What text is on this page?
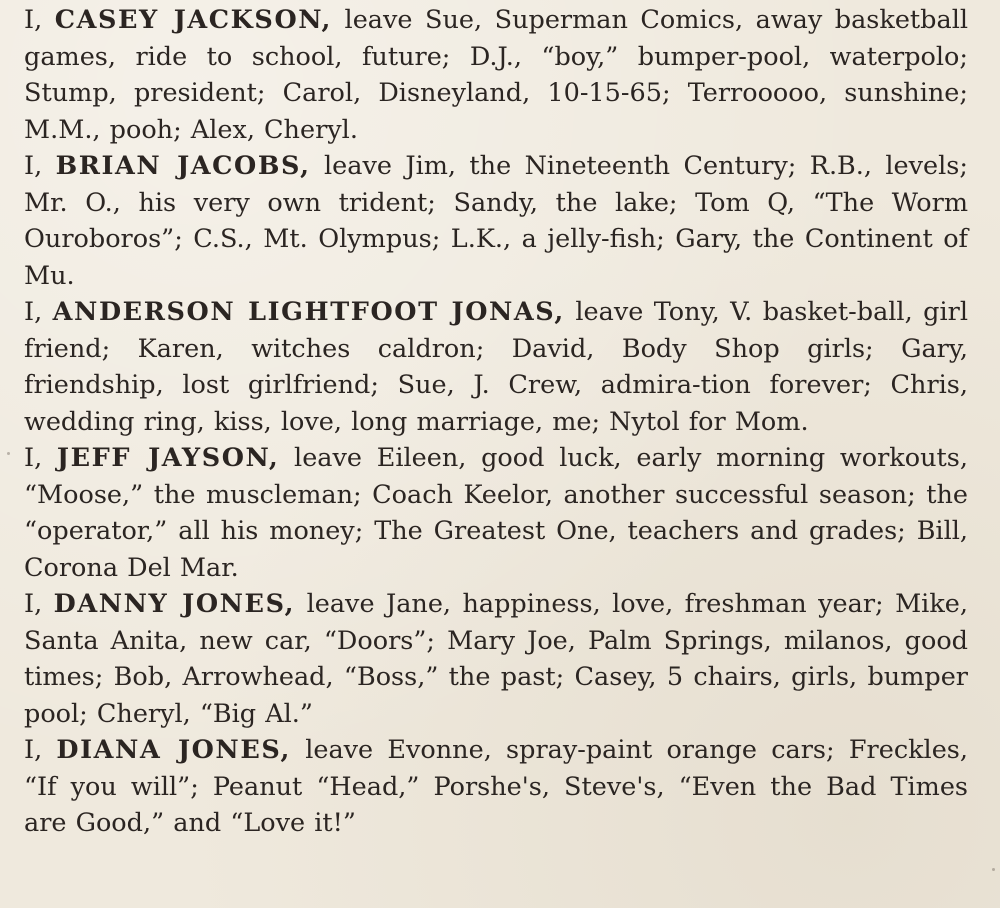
I, CASEY JACKSON, leave Sue, Superman Comics, away basketball games, ride to school, future; D.J., “boy,” bumper-pool, waterpolo; Stump, president; Carol, Disneyland, 10-15-65; Terrooooo, sunshine; M.M., pooh; Alex, Cheryl.

I, BRIAN JACOBS, leave Jim, the Nineteenth Century; R.B., levels; Mr. O., his very own trident; Sandy, the lake; Tom Q, “The Worm Ouroboros”; C.S., Mt. Olympus; L.K., a jelly-fish; Gary, the Continent of Mu.

I, ANDERSON LIGHTFOOT JONAS, leave Tony, V. basket-ball, girl friend; Karen, witches caldron; David, Body Shop girls; Gary, friendship, lost girlfriend; Sue, J. Crew, admira-tion forever; Chris, wedding ring, kiss, love, long marriage, me; Nytol for Mom.

I, JEFF JAYSON, leave Eileen, good luck, early morning workouts, “Moose,” the muscleman; Coach Keelor, another successful season; the “operator,” all his money; The Greatest One, teachers and grades; Bill, Corona Del Mar.

I, DANNY JONES, leave Jane, happiness, love, freshman year; Mike, Santa Anita, new car, “Doors”; Mary Joe, Palm Springs, milanos, good times; Bob, Arrowhead, “Boss,” the past; Casey, 5 chairs, girls, bumper pool; Cheryl, “Big Al.”

I, DIANA JONES, leave Evonne, spray-paint orange cars; Freckles, “If you will”; Peanut “Head,” Porshe's, Steve's, “Even the Bad Times are Good,” and “Love it!”
